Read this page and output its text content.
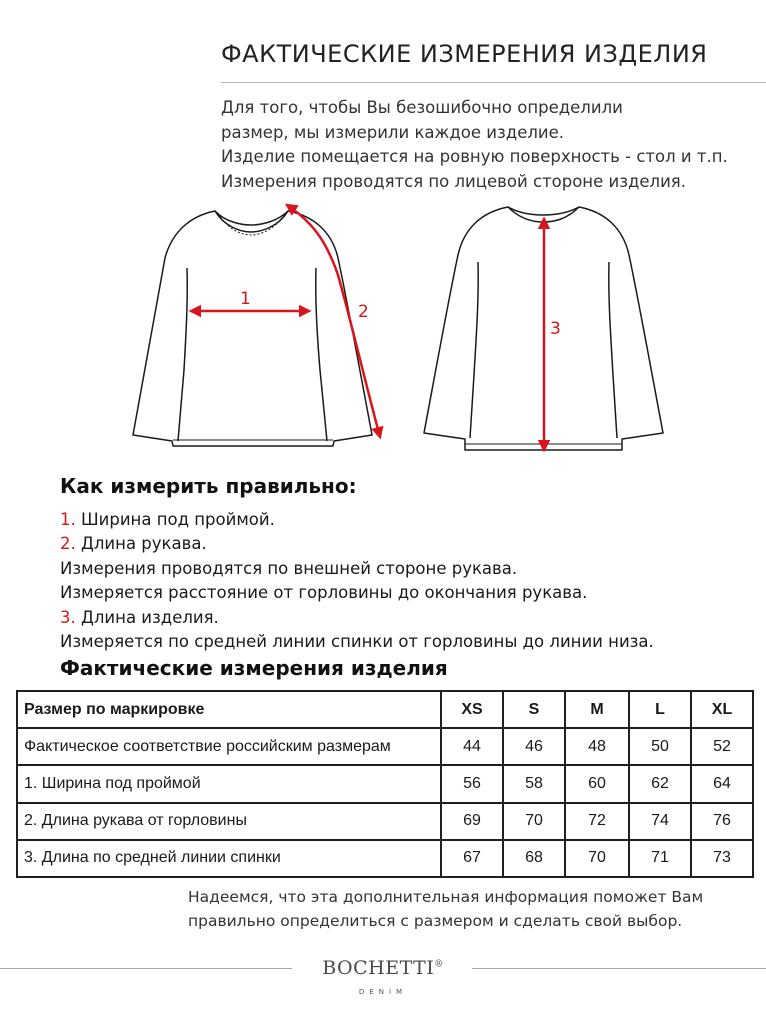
ФАКТИЧЕСКИЕ ИЗМЕРЕНИЯ ИЗДЕЛИЯ
Для того, чтобы Вы безошибочно определили
размер, мы измерили каждое изделие.
Изделие помещается на ровную поверхность - стол и т.п.
Измерения проводятся по лицевой стороне изделия.
1
2
3
Как измерить правильно:
1. Ширина под проймой.
2. Длина рукава.
Измерения проводятся по внешней стороне рукава.
Измеряется расстояние от горловины до окончания рукава.
3. Длина изделия.
Измеряется по средней линии спинки от горловины до линии низа.
Фактические измерения изделия
Размер по маркировке	XS	S	M	L	XL
Фактическое соответствие российским размерам	44	46	48	50	52
1. Ширина под проймой	56	58	60	62	64
2. Длина рукава от горловины	69	70	72	74	76
3. Длина по средней линии спинки	67	68	70	71	73
Надеемся, что эта дополнительная информация поможет Вам
правильно определиться с размером и сделать свой выбор.
BOCHETTI®
DENIM
